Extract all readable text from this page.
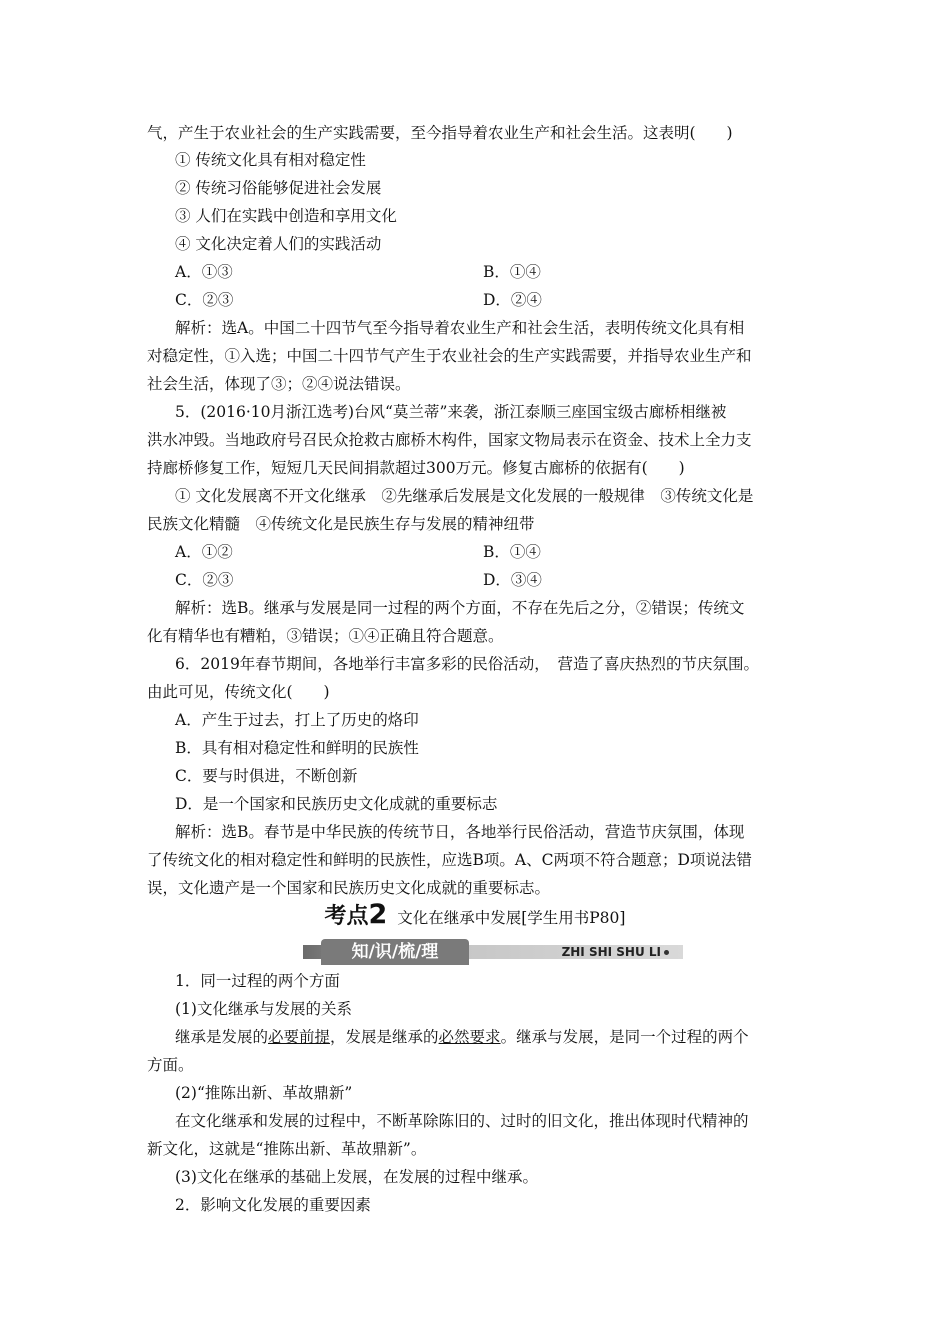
气，产生于农业社会的生产实践需要，至今指导着农业生产和社会生活。这表明(　　)
① 传统文化具有相对稳定性
② 传统习俗能够促进社会发展
③ 人们在实践中创造和享用文化
④ 文化决定着人们的实践活动
A．①③	B．①④
C．②③	D．②④
解析：选A。中国二十四节气至今指导着农业生产和社会生活，表明传统文化具有相
对稳定性，①入选；中国二十四节气产生于农业社会的生产实践需要，并指导农业生产和
社会生活，体现了③；②④说法错误。
5．(2016·10月浙江选考)台风“莫兰蒂”来袭，浙江泰顺三座国宝级古廊桥相继被
洪水冲毁。当地政府号召民众抢救古廊桥木构件，国家文物局表示在资金、技术上全力支
持廊桥修复工作，短短几天民间捐款超过300万元。修复古廊桥的依据有(　　)
① 文化发展离不开文化继承　②先继承后发展是文化发展的一般规律　③传统文化是
民族文化精髓　④传统文化是民族生存与发展的精神纽带
A．①②	B．①④
C．②③	D．③④
解析：选B。继承与发展是同一过程的两个方面，不存在先后之分，②错误；传统文
化有精华也有糟粕，③错误；①④正确且符合题意。
6．2019年春节期间，各地举行丰富多彩的民俗活动，　营造了喜庆热烈的节庆氛围。
由此可见，传统文化(　　)
A．产生于过去，打上了历史的烙印
B．具有相对稳定性和鲜明的民族性
C．要与时俱进，不断创新
D．是一个国家和民族历史文化成就的重要标志
解析：选B。春节是中华民族的传统节日，各地举行民俗活动，营造节庆氛围，体现
了传统文化的相对稳定性和鲜明的民族性，应选B项。A、C两项不符合题意；D项说法错
误，文化遗产是一个国家和民族历史文化成就的重要标志。
考点2 文化在继承中发展[学生用书P80]
知/识/梳/理	ZHI SHI SHU LI
1．同一过程的两个方面
(1)文化继承与发展的关系
继承是发展的必要前提，发展是继承的必然要求。继承与发展，是同一个过程的两个
方面。
(2)“推陈出新、革故鼎新”
在文化继承和发展的过程中，不断革除陈旧的、过时的旧文化，推出体现时代精神的
新文化，这就是“推陈出新、革故鼎新”。
(3)文化在继承的基础上发展，在发展的过程中继承。
2．影响文化发展的重要因素
